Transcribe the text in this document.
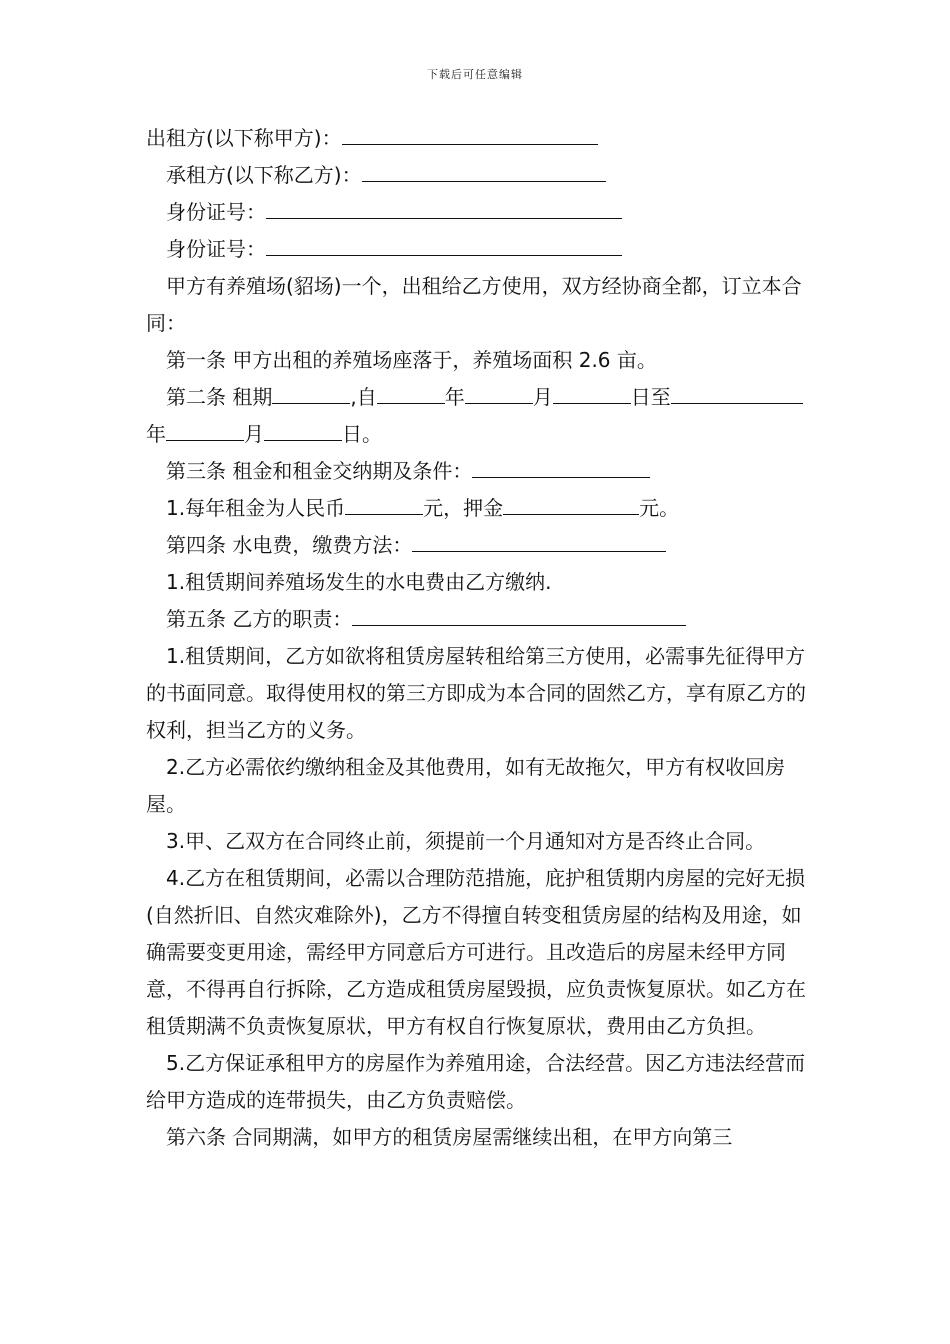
下载后可任意编辑

出租方(以下称甲方)：

承租方(以下称乙方)：

身份证号：

身份证号：

甲方有养殖场(貂场)一个，出租给乙方使用，双方经协商全都，订立本合同：

第一条 甲方出租的养殖场座落于，养殖场面积 2.6 亩。

第二条 租期	,自	年	月	日至 年	月	日。

第三条 租金和租金交纳期及条件：

1.每年租金为人民币	元，押金	元。

第四条 水电费，缴费方法：

1.租赁期间养殖场发生的水电费由乙方缴纳.

第五条 乙方的职责：

1.租赁期间，乙方如欲将租赁房屋转租给第三方使用，必需事先征得甲方的书面同意。取得使用权的第三方即成为本合同的固然乙方，享有原乙方的权利，担当乙方的义务。

2.乙方必需依约缴纳租金及其他费用，如有无故拖欠，甲方有权收回房屋。

3.甲、乙双方在合同终止前，须提前一个月通知对方是否终止合同。

4.乙方在租赁期间，必需以合理防范措施，庇护租赁期内房屋的完好无损(自然折旧、自然灾难除外)，乙方不得擅自转变租赁房屋的结构及用途，如确需要变更用途，需经甲方同意后方可进行。且改造后的房屋未经甲方同意，不得再自行拆除，乙方造成租赁房屋毁损，应负责恢复原状。如乙方在租赁期满不负责恢复原状，甲方有权自行恢复原状，费用由乙方负担。

5.乙方保证承租甲方的房屋作为养殖用途，合法经营。因乙方违法经营而给甲方造成的连带损失，由乙方负责赔偿。

第六条 合同期满，如甲方的租赁房屋需继续出租，在甲方向第三
